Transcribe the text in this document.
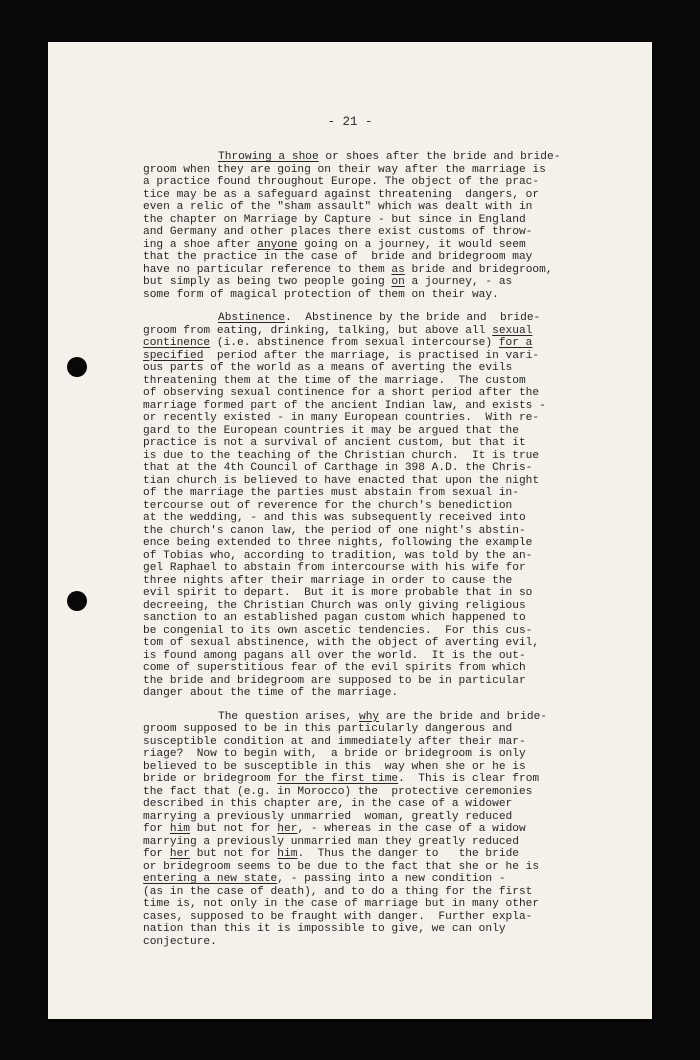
- 21 -
Throwing a shoe or shoes after the bride and bride-
groom when they are going on their way after the marriage is
a practice found throughout Europe. The object of the prac-
tice may be as a safeguard against threatening  dangers, or
even a relic of the "sham assault" which was dealt with in
the chapter on Marriage by Capture - but since in England
and Germany and other places there exist customs of throw-
ing a shoe after anyone going on a journey, it would seem
that the practice in the case of  bride and bridegroom may
have no particular reference to them as bride and bridegroom,
but simply as being two people going on a journey, - as
some form of magical protection of them on their way.
Abstinence.  Abstinence by the bride and  bride-
groom from eating, drinking, talking, but above all sexual
continence (i.e. abstinence from sexual intercourse) for a
specified  period after the marriage, is practised in vari-
ous parts of the world as a means of averting the evils
threatening them at the time of the marriage.  The custom
of observing sexual continence for a short period after the
marriage formed part of the ancient Indian law, and exists -
or recently existed - in many European countries.  With re-
gard to the European countries it may be argued that the
practice is not a survival of ancient custom, but that it
is due to the teaching of the Christian church.  It is true
that at the 4th Council of Carthage in 398 A.D. the Chris-
tian church is believed to have enacted that upon the night
of the marriage the parties must abstain from sexual in-
tercourse out of reverence for the church's benediction
at the wedding, - and this was subsequently received into
the church's canon law, the period of one night's abstin-
ence being extended to three nights, following the example
of Tobias who, according to tradition, was told by the an-
gel Raphael to abstain from intercourse with his wife for
three nights after their marriage in order to cause the
evil spirit to depart.  But it is more probable that in so
decreeing, the Christian Church was only giving religious
sanction to an established pagan custom which happened to
be congenial to its own ascetic tendencies.  For this cus-
tom of sexual abstinence, with the object of averting evil,
is found among pagans all over the world.  It is the out-
come of superstitious fear of the evil spirits from which
the bride and bridegroom are supposed to be in particular
danger about the time of the marriage.
The question arises, why are the bride and bride-
groom supposed to be in this particularly dangerous and
susceptible condition at and immediately after their mar-
riage?  Now to begin with,  a bride or bridegroom is only
believed to be susceptible in this  way when she or he is
bride or bridegroom for the first time.  This is clear from
the fact that (e.g. in Morocco) the  protective ceremonies
described in this chapter are, in the case of a widower
marrying a previously unmarried  woman, greatly reduced
for him but not for her, - whereas in the case of a widow
marrying a previously unmarried man they greatly reduced
for her but not for him.  Thus the danger to   the bride
or bridegroom seems to be due to the fact that she or he is
entering a new state, - passing into a new condition -
(as in the case of death), and to do a thing for the first
time is, not only in the case of marriage but in many other
cases, supposed to be fraught with danger.  Further expla-
nation than this it is impossible to give, we can only
conjecture.
